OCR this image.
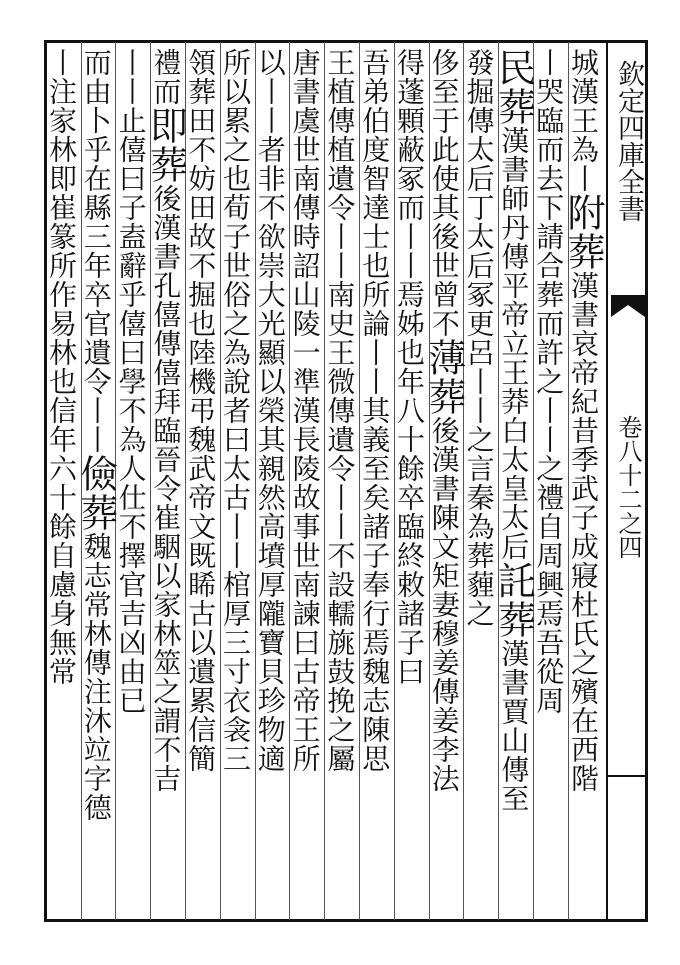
欽定四庫全書
卷八十二之四
城漢王為丨附葬漢書哀帝紀昔季武子成寢杜氏之殯在西階
丨哭臨而去下請合葬而許之丨丨之禮自周興焉吾從周
民葬漢書師丹傳平帝立王莽白太皇太后託葬漢書賈山傳至
發掘傳太后丁太后冢更呂丨丨之言秦為葬薶之
侈至于此使其後世曾不薄葬後漢書陳文矩妻穆姜傳姜李法
得蓬顆蔽冢而丨丨焉姊也年八十餘卒臨終敕諸子曰
吾弟伯度智達士也所論丨丨其義至矣諸子奉行焉魏志陳思
王植傳植遺令丨丨南史王微傳遺令丨丨不設轜旐鼓挽之屬
唐書虞世南傳時詔山陵一準漢長陵故事世南諫曰古帝王所
以丨丨者非不欲崇大光顯以榮其親然高墳厚隴寶貝珍物適
所以累之也荀子世俗之為說者曰太古丨丨棺厚三寸衣衾三
領葬田不妨田故不掘也陸機弔魏武帝文既睎古以遺累信簡
禮而即葬後漢書孔僖傳僖拜臨晉令崔駰以家林筮之謂不吉
丨丨止僖曰子盍辭乎僖曰學不為人仕不擇官吉凶由已
而由卜乎在縣三年卒官遺令丨丨儉葬魏志常林傳注沐竝字德
丨注家林即崔篆所作易林也信年六十餘自慮身無常
